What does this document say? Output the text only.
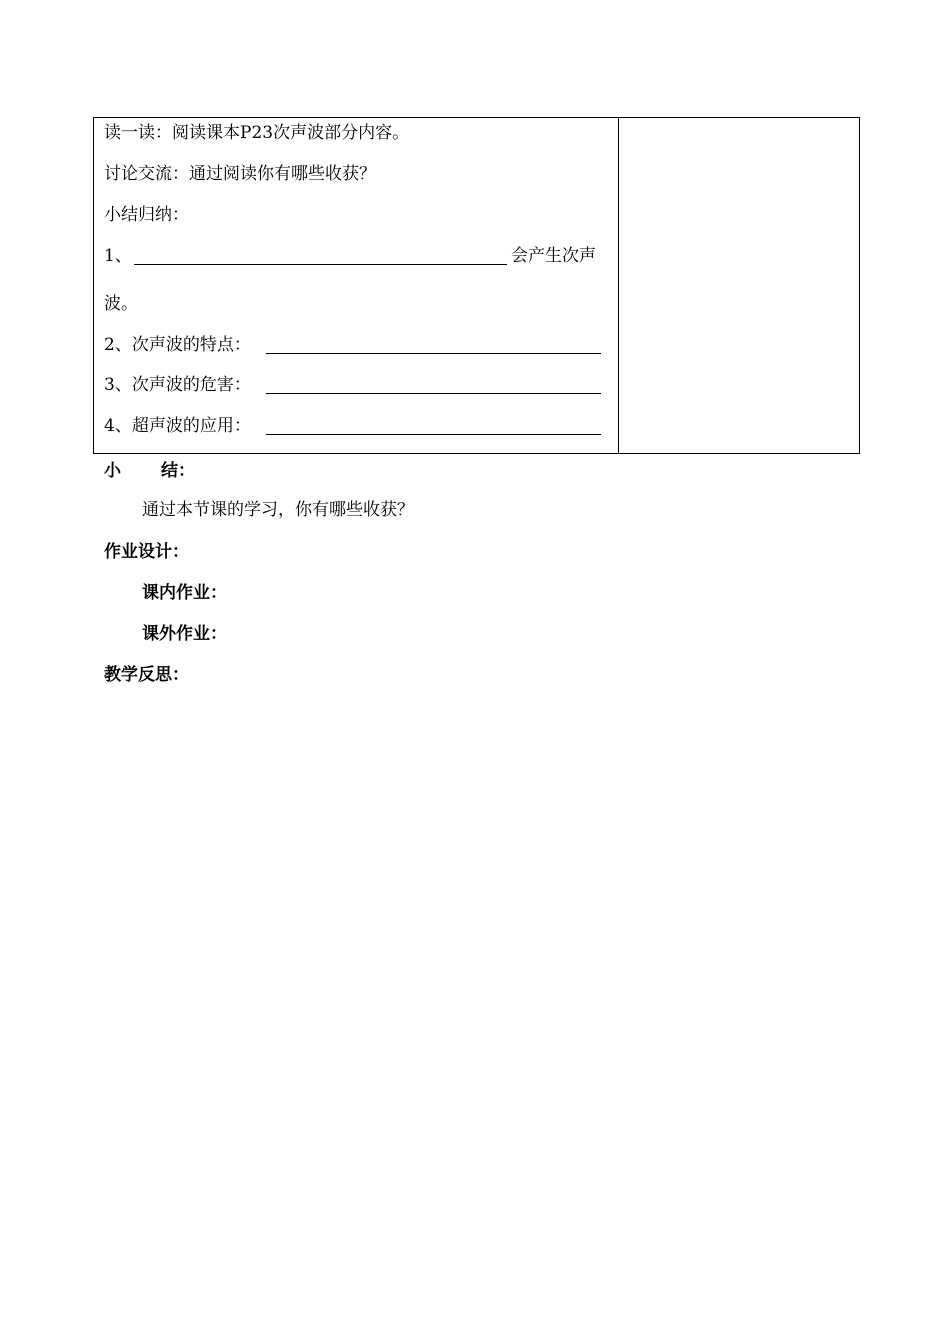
读一读：阅读课本P23次声波部分内容。
讨论交流：通过阅读你有哪些收获？
小结归纳：
1、	会产生次声
波。
2、次声波的特点：
3、次声波的危害：
4、超声波的应用：

小 结：
通过本节课的学习，你有哪些收获？
作业设计：
课内作业：
课外作业：
教学反思：
